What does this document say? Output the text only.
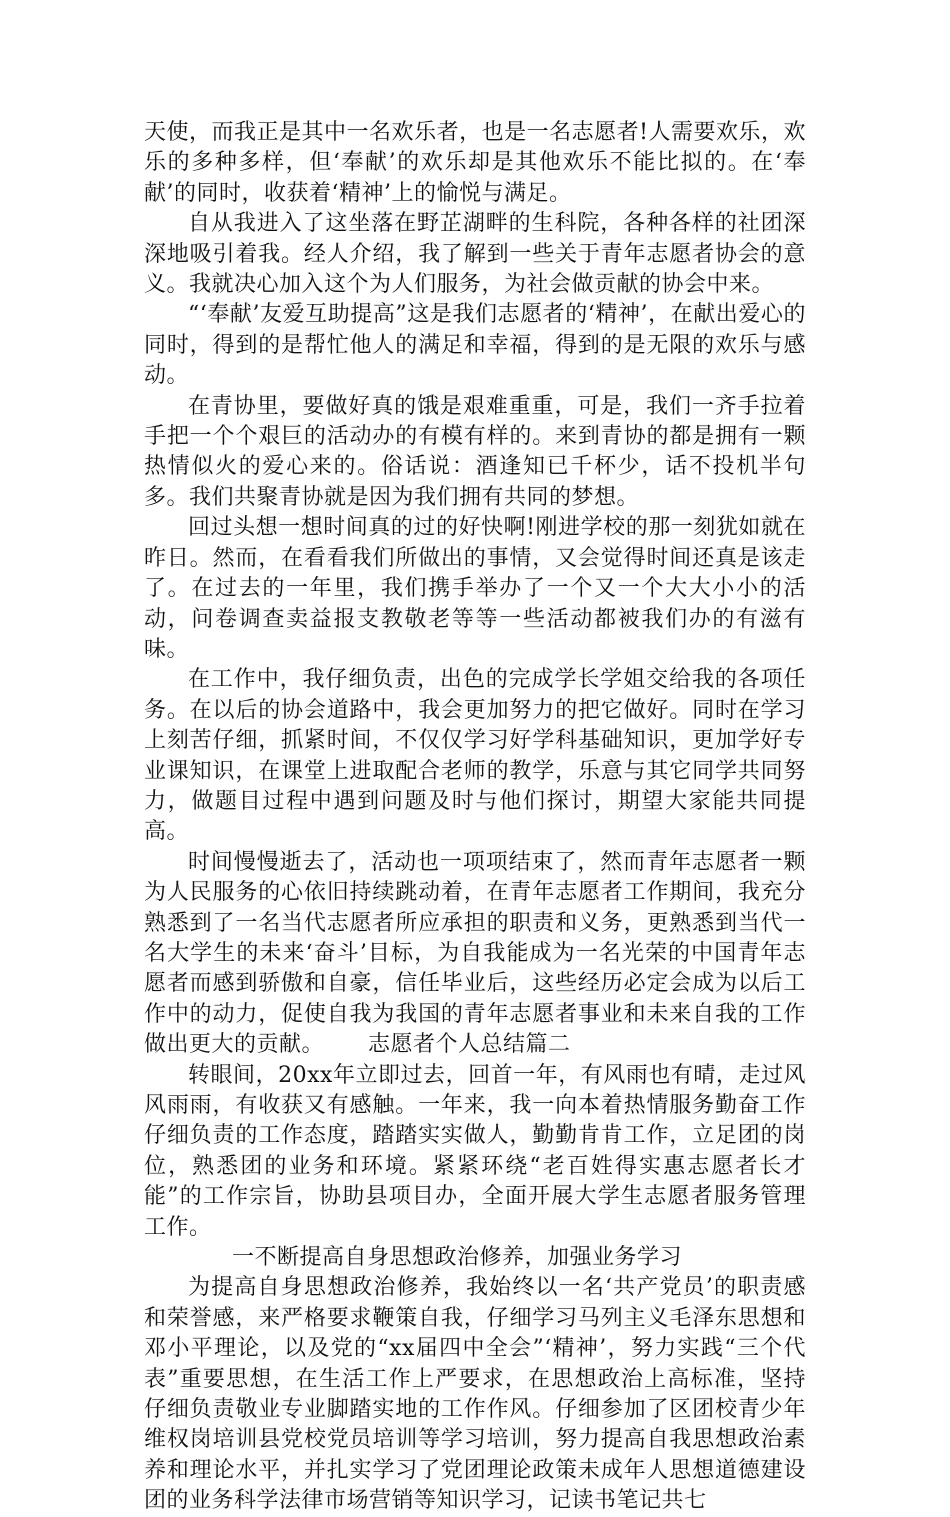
天使，而我正是其中一名欢乐者，也是一名志愿者!人需要欢乐，欢乐的多种多样，但‘奉献’的欢乐却是其他欢乐不能比拟的。在‘奉献’的同时，收获着‘精神’上的愉悦与满足。

自从我进入了这坐落在野芷湖畔的生科院，各种各样的社团深深地吸引着我。经人介绍，我了解到一些关于青年志愿者协会的意义。我就决心加入这个为人们服务，为社会做贡献的协会中来。

“‘奉献’友爱互助提高”这是我们志愿者的‘精神’，在献出爱心的同时，得到的是帮忙他人的满足和幸福，得到的是无限的欢乐与感动。

在青协里，要做好真的饿是艰难重重，可是，我们一齐手拉着手把一个个艰巨的活动办的有模有样的。来到青协的都是拥有一颗热情似火的爱心来的。俗话说：酒逢知已千杯少，话不投机半句多。我们共聚青协就是因为我们拥有共同的梦想。

回过头想一想时间真的过的好快啊!刚进学校的那一刻犹如就在昨日。然而，在看看我们所做出的事情，又会觉得时间还真是该走了。在过去的一年里，我们携手举办了一个又一个大大小小的活动，问卷调查卖益报支教敬老等等一些活动都被我们办的有滋有味。

在工作中，我仔细负责，出色的完成学长学姐交给我的各项任务。在以后的协会道路中，我会更加努力的把它做好。同时在学习上刻苦仔细，抓紧时间，不仅仅学习好学科基础知识，更加学好专业课知识，在课堂上进取配合老师的教学，乐意与其它同学共同努力，做题目过程中遇到问题及时与他们探讨，期望大家能共同提高。

时间慢慢逝去了，活动也一项项结束了，然而青年志愿者一颗为人民服务的心依旧持续跳动着，在青年志愿者工作期间，我充分熟悉到了一名当代志愿者所应承担的职责和义务，更熟悉到当代一名大学生的未来‘奋斗’目标，为自我能成为一名光荣的中国青年志愿者而感到骄傲和自豪，信任毕业后，这些经历必定会成为以后工作中的动力，促使自我为我国的青年志愿者事业和未来自我的工作做出更大的贡献。 志愿者个人总结篇二

转眼间，20xx年立即过去，回首一年，有风雨也有晴，走过风风雨雨，有收获又有感触。一年来，我一向本着热情服务勤奋工作仔细负责的工作态度，踏踏实实做人，勤勤肯肯工作，立足团的岗位，熟悉团的业务和环境。紧紧环绕“老百姓得实惠志愿者长才能”的工作宗旨，协助县项目办，全面开展大学生志愿者服务管理工作。

一不断提高自身思想政治修养，加强业务学习

为提高自身思想政治修养，我始终以一名‘共产党员’的职责感和荣誉感，来严格要求鞭策自我，仔细学习马列主义毛泽东思想和邓小平理论，以及党的“xx届四中全会”‘精神’，努力实践“三个代表”重要思想，在生活工作上严要求，在思想政治上高标准，坚持仔细负责敬业专业脚踏实地的工作作风。仔细参加了区团校青少年维权岗培训县党校党员培训等学习培训，努力提高自我思想政治素养和理论水平，并扎实学习了党团理论政策未成年人思想道德建设团的业务科学法律市场营销等知识学习，记读书笔记共七
